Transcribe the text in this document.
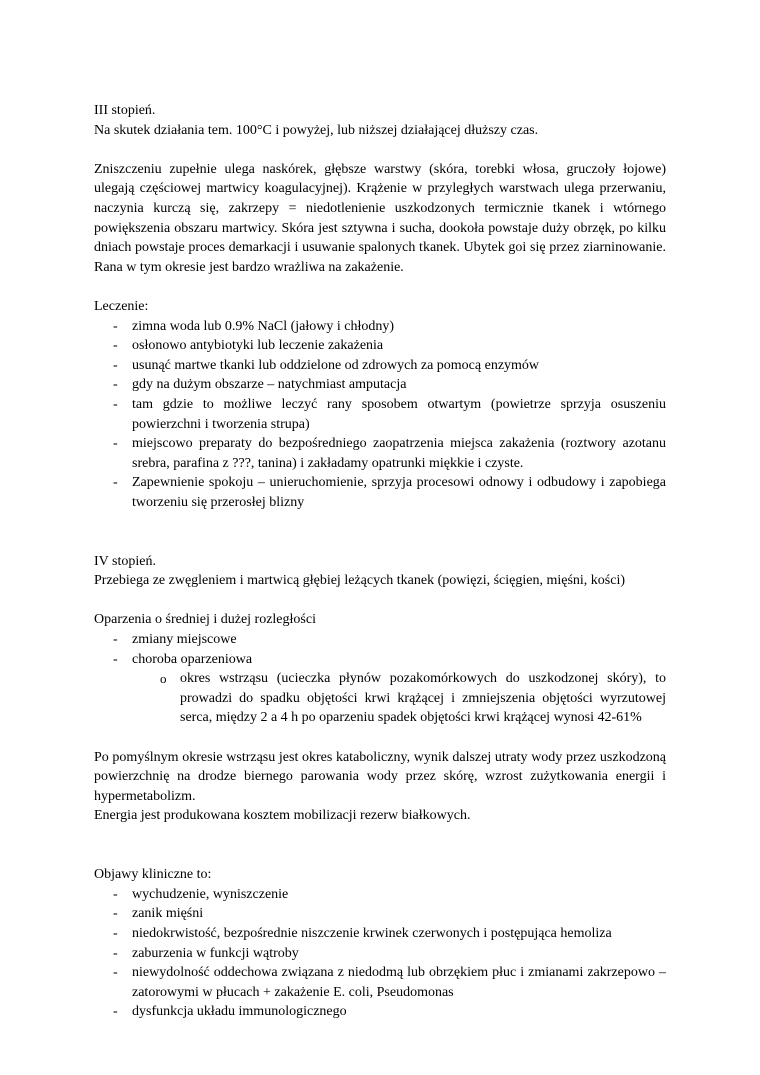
III stopień.
Na skutek działania tem. 100°C i powyżej, lub niższej działającej dłuższy czas.
Zniszczeniu zupełnie ulega naskórek, głębsze warstwy (skóra, torebki włosa, gruczoły łojowe) ulegają częściowej martwicy koagulacyjnej). Krążenie w przyległych warstwach ulega przerwaniu, naczynia kurczą się, zakrzepy = niedotlenienie uszkodzonych termicznie tkanek i wtórnego powiększenia obszaru martwicy. Skóra jest sztywna i sucha, dookoła powstaje duży obrzęk, po kilku dniach powstaje proces demarkacji i usuwanie spalonych tkanek. Ubytek goi się przez ziarninowanie. Rana w tym okresie jest bardzo wrażliwa na zakażenie.
Leczenie:
-	zimna woda lub 0.9% NaCl (jałowy i chłodny)
-	osłonowo antybiotyki lub leczenie zakażenia
-	usunąć martwe tkanki lub oddzielone od zdrowych za pomocą enzymów
-	gdy na dużym obszarze – natychmiast amputacja
-	tam gdzie to możliwe leczyć rany sposobem otwartym (powietrze sprzyja osuszeniu powierzchni i tworzenia strupa)
-	miejscowo preparaty do bezpośredniego zaopatrzenia miejsca zakażenia (roztwory azotanu srebra, parafina z ???, tanina) i zakładamy opatrunki miękkie i czyste.
-	Zapewnienie spokoju – unieruchomienie, sprzyja procesowi odnowy i odbudowy i zapobiega tworzeniu się przerosłej blizny
IV stopień.
Przebiega ze zwęgleniem i martwicą głębiej leżących tkanek (powięzi, ścięgien, mięśni, kości)
Oparzenia o średniej i dużej rozległości
-	zmiany miejscowe
-	choroba oparzeniowa
o okres wstrząsu (ucieczka płynów pozakomórkowych do uszkodzonej skóry), to prowadzi do spadku objętości krwi krążącej i zmniejszenia objętości wyrzutowej serca, między 2 a 4 h po oparzeniu spadek objętości krwi krążącej wynosi 42-61%
Po pomyślnym okresie wstrząsu jest okres kataboliczny, wynik dalszej utraty wody przez uszkodzoną powierzchnię na drodze biernego parowania wody przez skórę, wzrost zużytkowania energii i hypermetabolizm.
Energia jest produkowana kosztem mobilizacji rezerw białkowych.
Objawy kliniczne to:
-	wychudzenie, wyniszczenie
-	zanik mięśni
-	niedokrwistość, bezpośrednie niszczenie krwinek czerwonych i postępująca hemoliza
-	zaburzenia w funkcji wątroby
-	niewydolność oddechowa związana z niedodmą lub obrzękiem płuc i zmianami zakrzepowo – zatorowymi w płucach + zakażenie E. coli, Pseudomonas
-	dysfunkcja układu immunologicznego
